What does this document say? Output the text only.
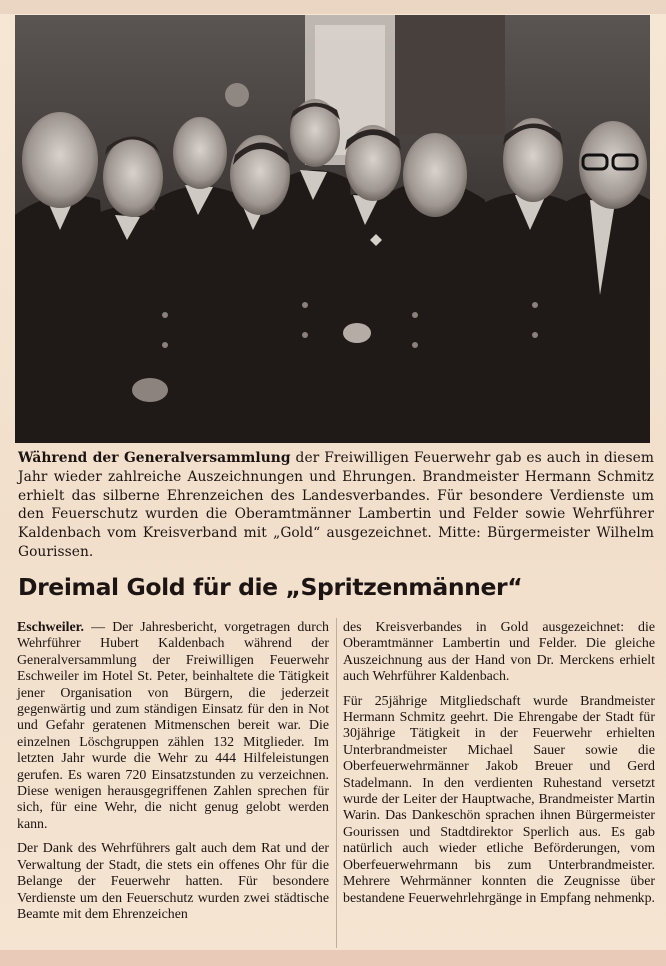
Während der Generalversammlung der Freiwilligen Feuerwehr gab es auch in diesem Jahr wieder zahlreiche Auszeichnungen und Ehrungen. Brandmeister Hermann Schmitz erhielt das silberne Ehrenzeichen des Landesverbandes. Für besondere Verdienste um den Feuerschutz wurden die Oberamtmänner Lambertin und Felder sowie Wehrführer Kaldenbach vom Kreisverband mit „Gold“ ausgezeichnet. Mitte: Bürgermeister Wilhelm Gourissen.
Dreimal Gold für die „Spritzenmänner“

Eschweiler. — Der Jahresbericht, vorgetragen durch Wehrführer Hubert Kaldenbach während der Generalversammlung der Freiwilligen Feuerwehr Eschweiler im Hotel St. Peter, beinhaltete die Tätigkeit jener Organisation von Bürgern, die jederzeit gegenwärtig und zum ständigen Einsatz für den in Not und Gefahr geratenen Mitmenschen bereit war. Die einzelnen Löschgruppen zählen 132 Mitglieder. Im letzten Jahr wurde die Wehr zu 444 Hilfeleistungen gerufen. Es waren 720 Einsatzstunden zu verzeichnen. Diese wenigen herausgegriffenen Zahlen sprechen für sich, für eine Wehr, die nicht genug gelobt werden kann.

Der Dank des Wehrführers galt auch dem Rat und der Verwaltung der Stadt, die stets ein offenes Ohr für die Belange der Feuerwehr hatten. Für besondere Verdienste um den Feuerschutz wurden zwei städtische Beamte mit dem Ehrenzeichen

des Kreisverbandes in Gold ausgezeichnet: die Oberamtmänner Lambertin und Felder. Die gleiche Auszeichnung aus der Hand von Dr. Merckens erhielt auch Wehrführer Kaldenbach.

Für 25jährige Mitgliedschaft wurde Brandmeister Hermann Schmitz geehrt. Die Ehrengabe der Stadt für 30jährige Tätigkeit in der Feuerwehr erhielten Unterbrandmeister Michael Sauer sowie die Oberfeuerwehrmänner Jakob Breuer und Gerd Stadelmann. In den verdienten Ruhestand versetzt wurde der Leiter der Hauptwache, Brandmeister Martin Warin. Das Dankeschön sprachen ihnen Bürgermeister Gourissen und Stadtdirektor Sperlich aus. Es gab natürlich auch wieder etliche Beförderungen, vom Oberfeuerwehrmann bis zum Unterbrandmeister. Mehrere Wehrmänner konnten die Zeugnisse über bestandene Feuerwehrlehrgänge in Empfang nehmen.

kp.
